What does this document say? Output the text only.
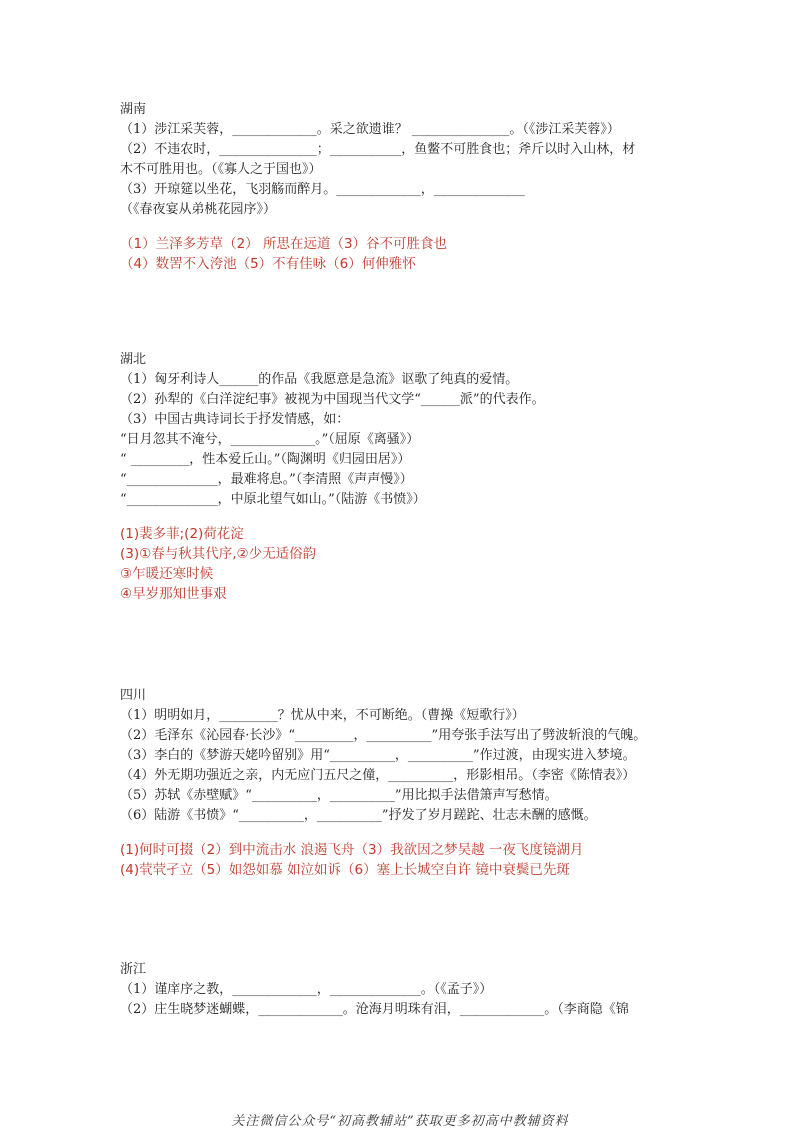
湖南
（1）涉江采芙蓉，_____________。采之欲遗谁？ _______________。（《涉江采芙蓉》）
（2）不违农时，_______________；___________，鱼鳖不可胜食也；斧斤以时入山林，材
木不可胜用也。（《寡人之于国也》）
（3）开琼筵以坐花，飞羽觞而醉月。_____________，______________
（《春夜宴从弟桃花园序》）
（1）兰泽多芳草（2） 所思在远道（3）谷不可胜食也
（4）数罟不入洿池（5）不有佳咏（6）何伸雅怀
湖北
（1）匈牙利诗人______的作品《我愿意是急流》讴歌了纯真的爱情。
（2）孙犁的《白洋淀纪事》被视为中国现当代文学“______派”的代表作。
（3）中国古典诗词长于抒发情感，如：
“日月忽其不淹兮，_____________。”（屈原《离骚》）
“ _________，性本爱丘山。”（陶渊明《归园田居》）
“______________，最难将息。”（李清照《声声慢》）
“______________，中原北望气如山。”（陆游《书愤》）
(1)裴多菲;(2)荷花淀
(3)①春与秋其代序,②少无适俗韵
③乍暖还寒时候
④早岁那知世事艰
四川
（1）明明如月，_________？忧从中来，不可断绝。（曹操《短歌行》）
（2）毛泽东《沁园春·长沙》“_________，__________”用夸张手法写出了劈波斩浪的气魄。
（3）李白的《梦游天姥吟留别》用“__________，__________”作过渡，由现实进入梦境。
（4）外无期功强近之亲，内无应门五尺之僮，__________，形影相吊。（李密《陈情表》）
（5）苏轼《赤壁赋》“__________，__________”用比拟手法借箫声写愁情。
（6）陆游《书愤》“__________，__________”抒发了岁月蹉跎、壮志未酬的感慨。
(1)何时可掇（2）到中流击水 浪遏飞舟（3）我欲因之梦吴越 一夜飞度镜湖月
(4)茕茕孑立（5）如怨如慕 如泣如诉（6）塞上长城空自许 镜中衰鬓已先斑
浙江
（1）谨庠序之教，_____________，______________。（《孟子》）
（2）庄生晓梦迷蝴蝶，_____________。沧海月明珠有泪，_____________。（李商隐《锦
关注微信公众号“初高教辅站”获取更多初高中教辅资料
